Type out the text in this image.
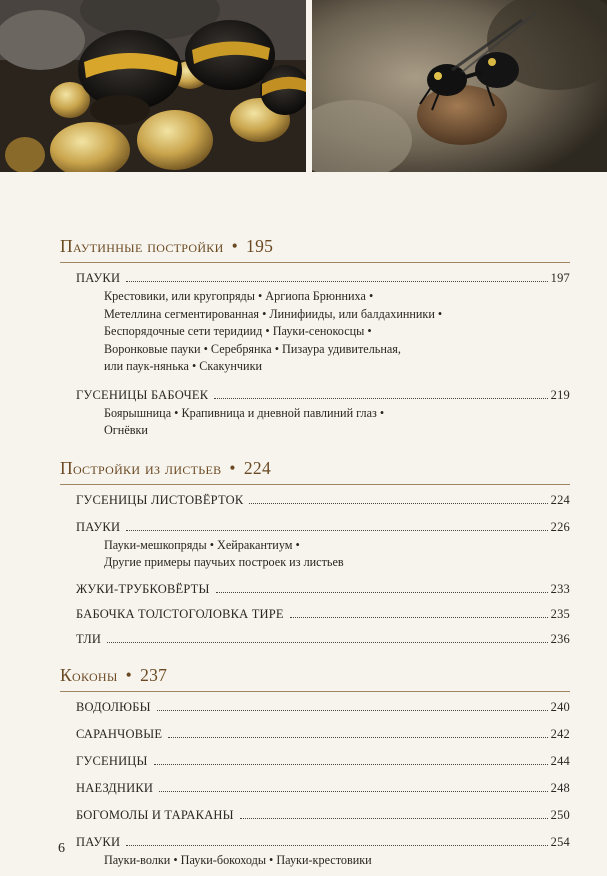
Паутинные постройки • 195
ПАУКИ	197
Крестовики, или кругопряды • Аргиопа Брюнниха •
Метеллина сегментированная • Линифииды, или балдахинники •
Беспорядочные сети теридиид • Пауки-сенокосцы •
Воронковые пауки • Серебрянка • Пизаура удивительная,
или паук-нянька • Скакунчики
ГУСЕНИЦЫ БАБОЧЕК	219
Боярышница • Крапивница и дневной павлиний глаз •
Огнёвки
Постройки из листьев • 224
ГУСЕНИЦЫ ЛИСТОВЁРТОК	224
ПАУКИ	226
Пауки-мешкопряды • Хейракантиум •
Другие примеры паучьих построек из листьев
ЖУКИ-ТРУБКОВЁРТЫ	233
БАБОЧКА ТОЛСТОГОЛОВКА ТИРЕ	235
ТЛИ	236
Коконы • 237
ВОДОЛЮБЫ	240
САРАНЧОВЫЕ	242
ГУСЕНИЦЫ	244
НАЕЗДНИКИ	248
БОГОМОЛЫ И ТАРАКАНЫ	250
ПАУКИ	254
Пауки-волки • Пауки-бокоходы • Пауки-крестовики
6
